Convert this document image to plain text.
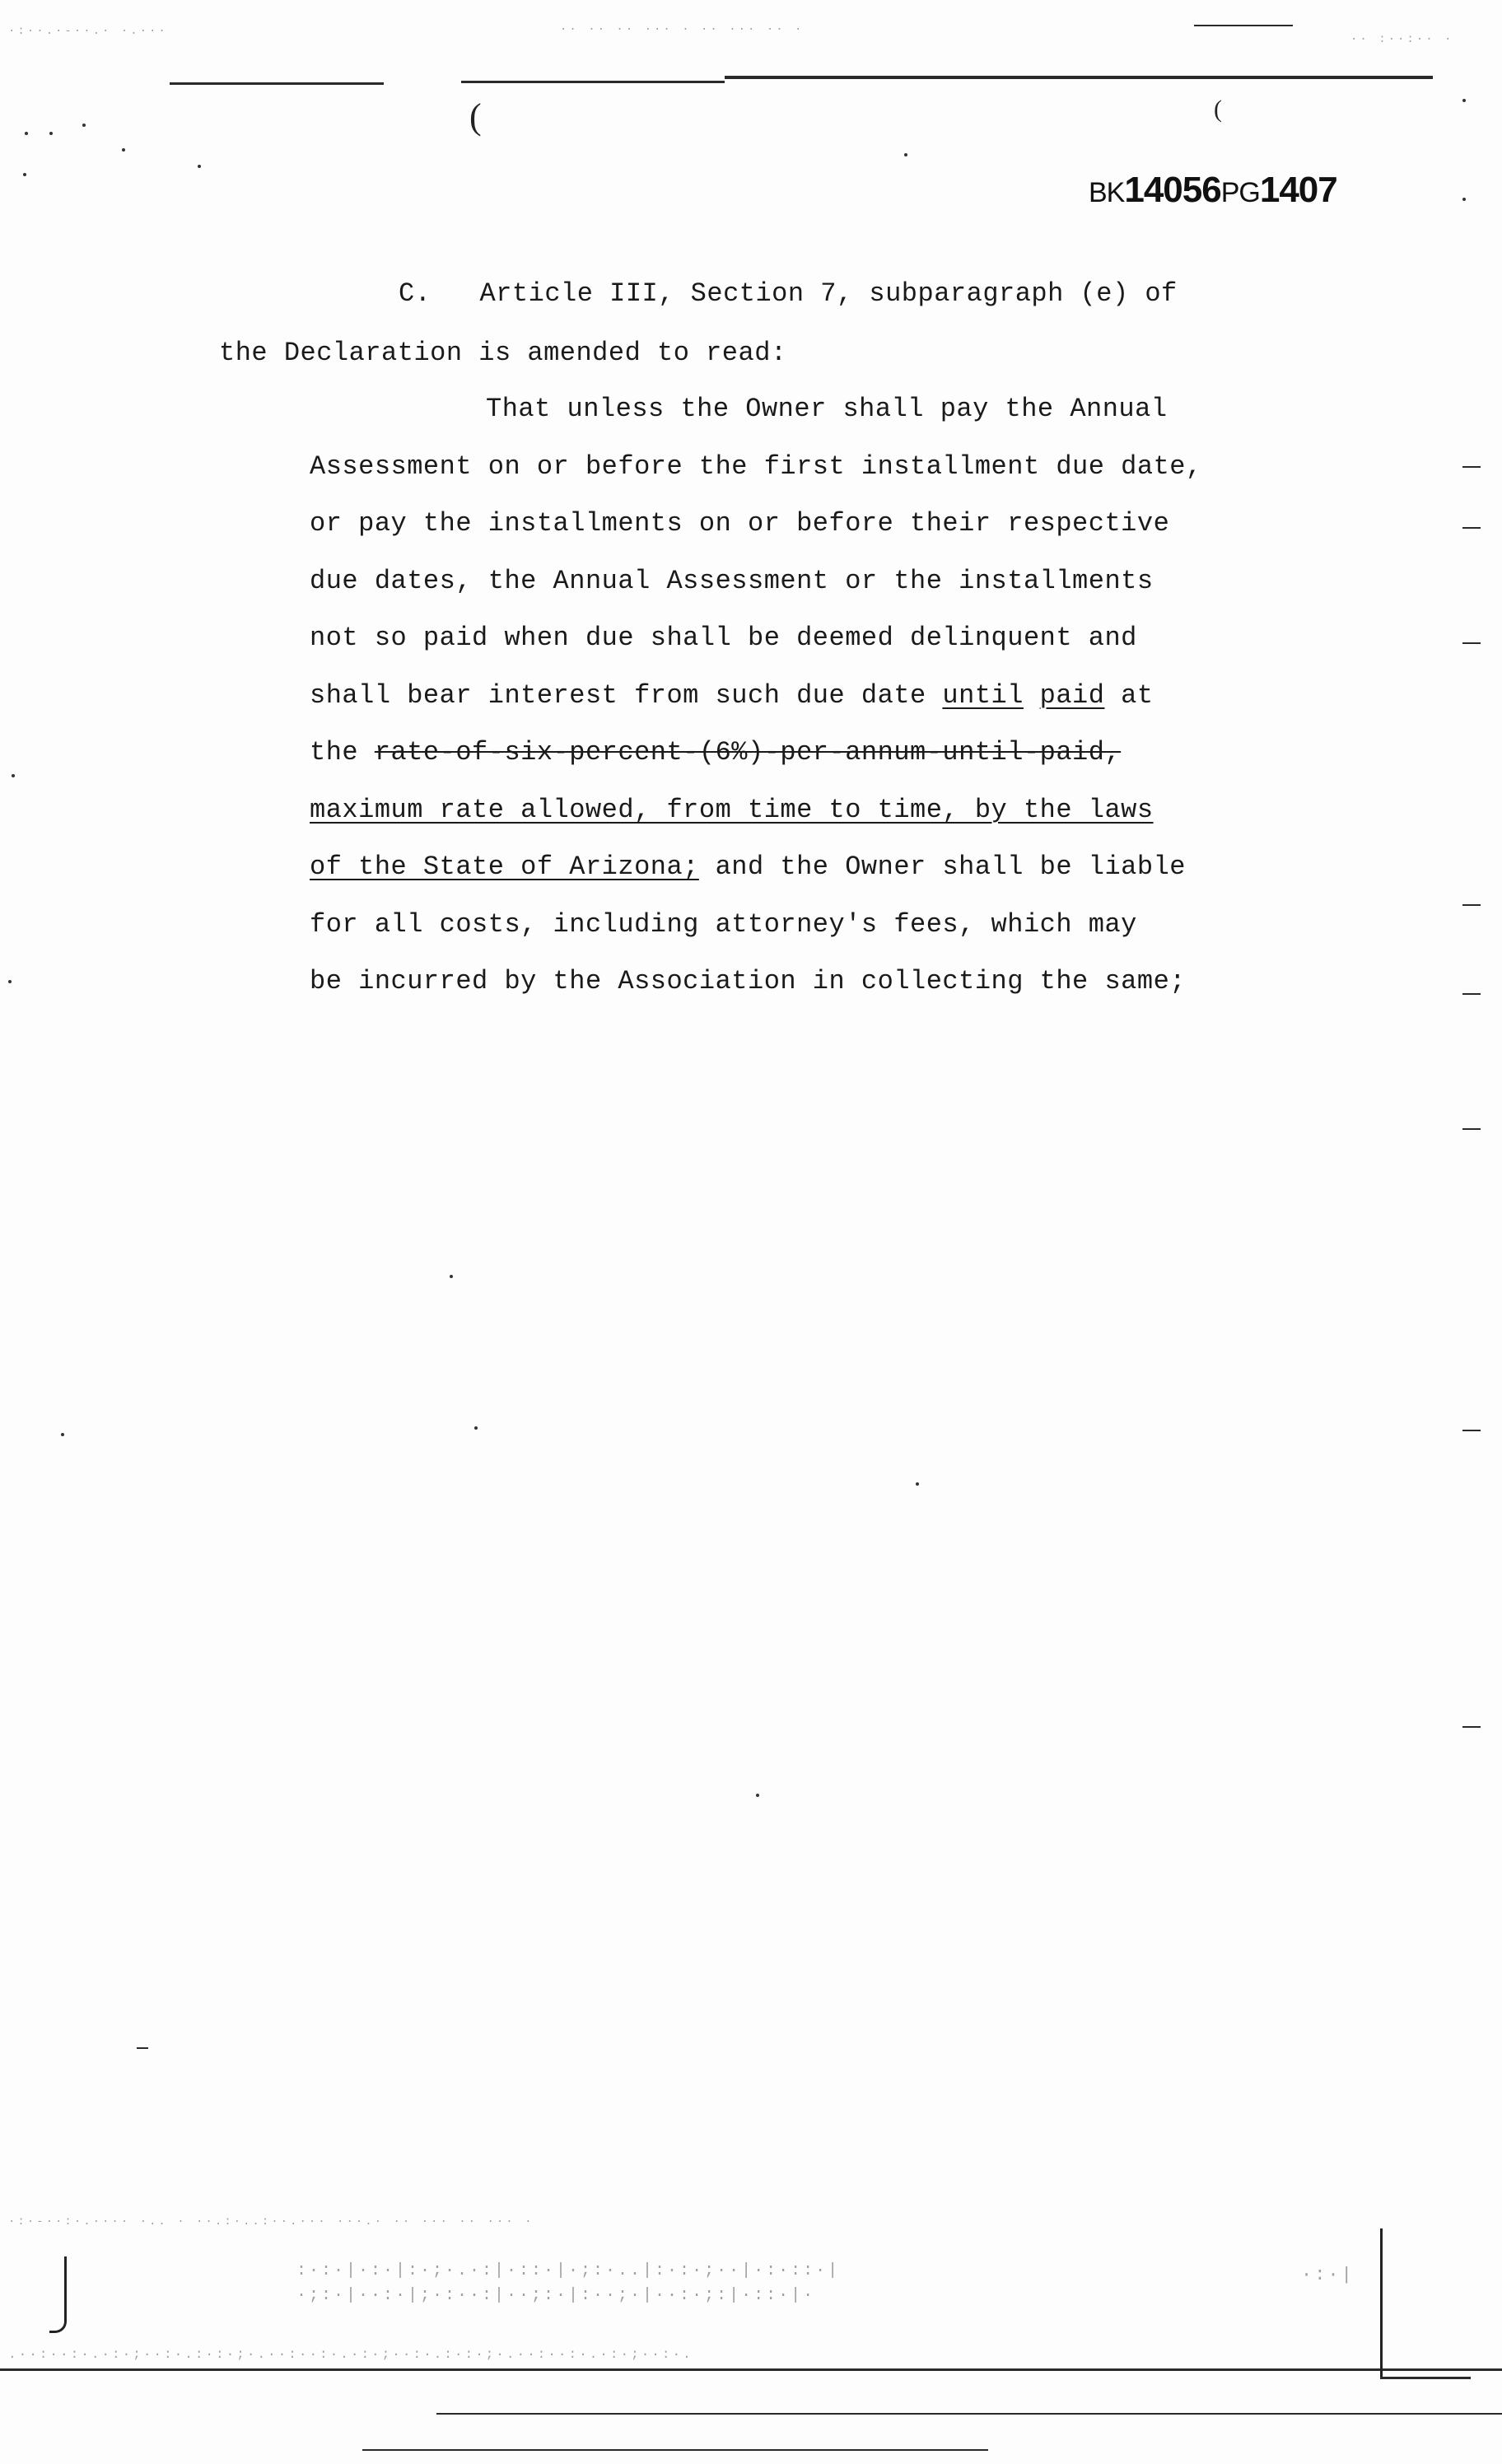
·:··.·-··.· ·.···	·· ·· ·· ··· · ·· ··· ·· ·
·· :··:·· ·
(	(
BK14056PG1407
C. Article III, Section 7, subparagraph (e) of
the Declaration is amended to read:
That unless the Owner shall pay the Annual
Assessment on or before the first installment due date,
or pay the installments on or before their respective
due dates, the Annual Assessment or the installments
not so paid when due shall be deemed delinquent and
shall bear interest from such due date until paid at
the rate-of-six-percent-(6%)-per-annum-until-paid,
maximum rate allowed, from time to time, by the laws
of the State of Arizona; and the Owner shall be liable
for all costs, including attorney's fees, which may
be incurred by the Association in collecting the same;
·:·-··:·.···· ·.. · ··.:·..:··.··· ···.· ·· ··· ·· ··· ·
:·:·|·:·|:·;·.·:|·::·|·;:·..|:·:·;··|·:·::·|
·;:·|··:·|;·:··:|··;:·|:··;·|··:·;:|·::·|·
·:·|
.··:··:·.·:·;··:·.:·:·;·.··:··:·.·:·;··:·.:·:·;·.··:··:·.·:·;··:·.
